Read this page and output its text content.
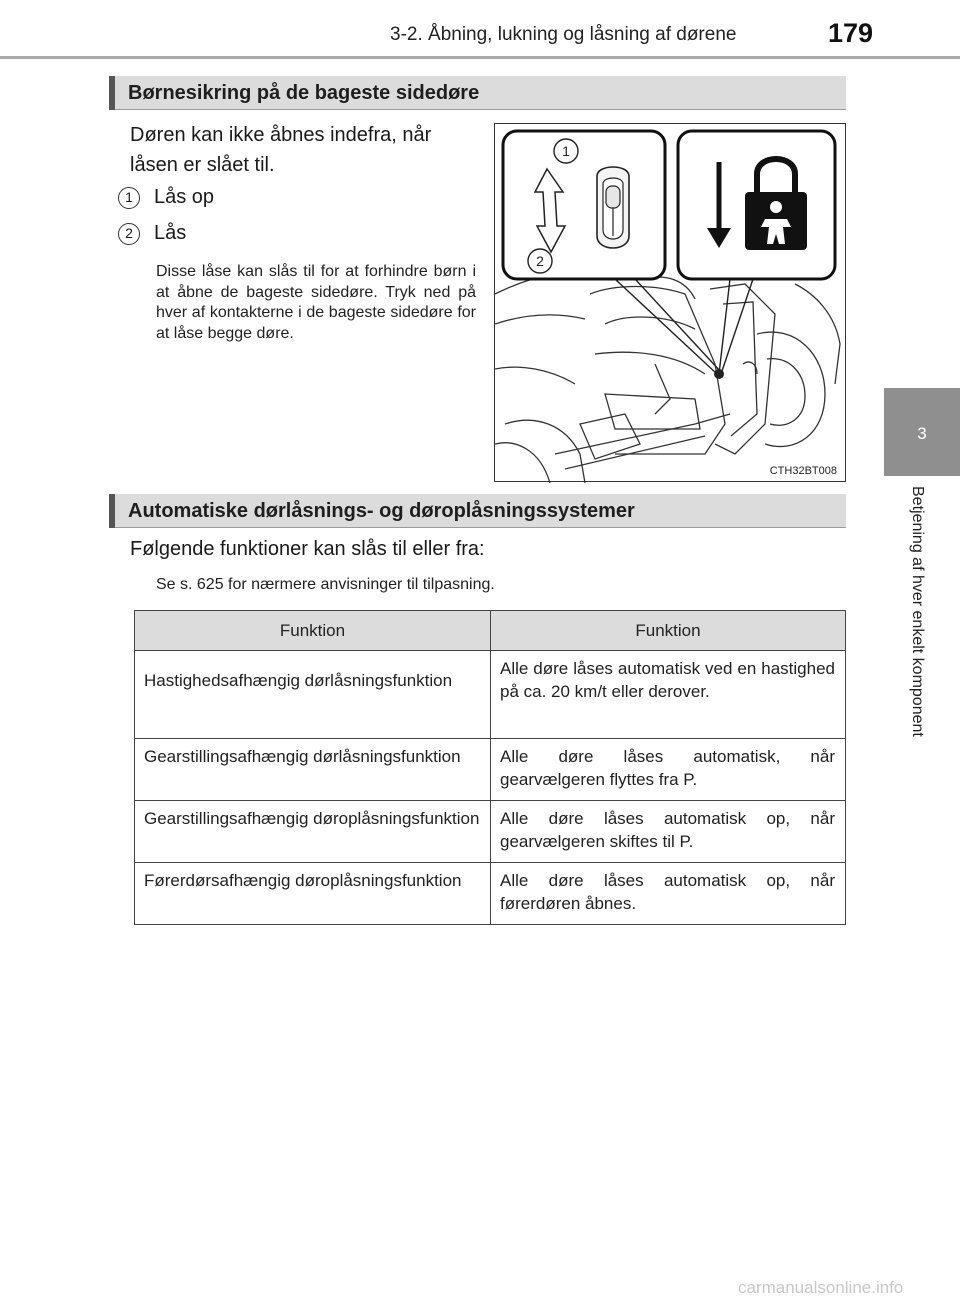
3-2. Åbning, lukning og låsning af dørene	179
3
Betjening af hver enkelt komponent
Børnesikring på de bageste sidedøre
Døren kan ikke åbnes indefra, når låsen er slået til.
1 Lås op
2 Lås
Disse låse kan slås til for at forhindre børn i at åbne de bageste sidedøre. Tryk ned på hver af kontakterne i de bageste sidedøre for at låse begge døre.
1
2
CTH32BT008
Automatiske dørlåsnings- og døroplåsningssystemer
Følgende funktioner kan slås til eller fra:
Se s. 625 for nærmere anvisninger til tilpasning.
Funktion	Funktion
Hastighedsafhængig dørlåsningsfunktion	Alle døre låses automatisk ved en hastighed på ca. 20 km/t eller derover.
Gearstillingsafhængig dørlåsningsfunktion	Alle døre låses automatisk, når gearvælgeren flyttes fra P.
Gearstillingsafhængig døroplåsningsfunktion	Alle døre låses automatisk op, når gearvælgeren skiftes til P.
Førerdørsafhængig døroplåsningsfunktion	Alle døre låses automatisk op, når førerdøren åbnes.
carmanualsonline.info
